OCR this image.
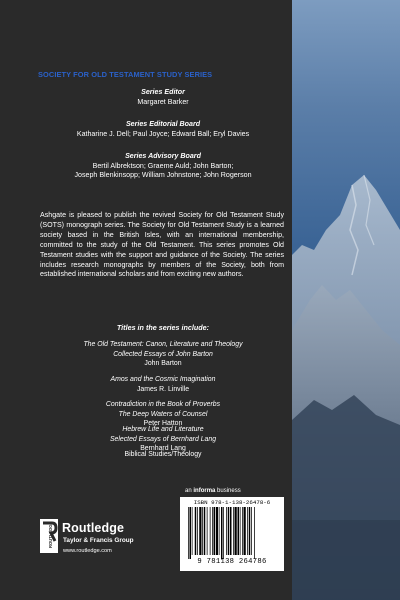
SOCIETY FOR OLD TESTAMENT STUDY SERIES
Series Editor
Margaret Barker
Series Editorial Board
Katharine J. Dell; Paul Joyce; Edward Ball; Eryl Davies
Series Advisory Board
Bertil Albrektson; Graeme Auld; John Barton;
Joseph Blenkinsopp; William Johnstone; John Rogerson
Ashgate is pleased to publish the revived Society for Old Testament Study (SOTS) monograph series. The Society for Old Testament Study is a learned society based in the British Isles, with an international membership, committed to the study of the Old Testament. This series promotes Old Testament studies with the support and guidance of the Society. The series includes research monographs by members of the Society, both from established international scholars and from exciting new authors.
Titles in the series include:
The Old Testament: Canon, Literature and Theology
Collected Essays of John Barton
John Barton
Amos and the Cosmic Imagination
James R. Linville
Contradiction in the Book of Proverbs
The Deep Waters of Counsel
Peter Hatton
Hebrew Life and Literature
Selected Essays of Bernhard Lang
Bernhard Lang
Biblical Studies/Theology
an informa business
ROUTLEDGE Routledge
Taylor & Francis Group
www.routledge.com
ISBN 978-1-138-26478-6
9 781138 264786
